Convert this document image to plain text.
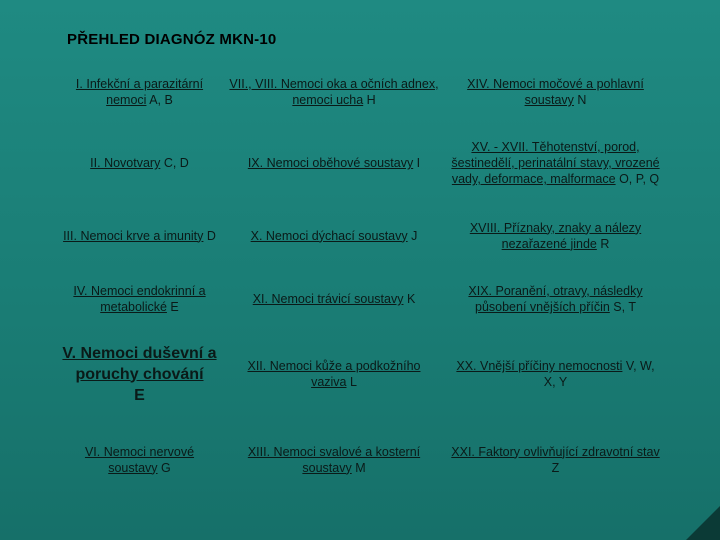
PŘEHLED DIAGNÓZ MKN-10
I. Infekční a parazitární nemoci A, B
VII., VIII. Nemoci oka a očních adnex, nemoci ucha H
XIV. Nemoci močové a pohlavní soustavy N
II. Novotvary C, D	IX. Nemoci oběhové soustavy I
XV. - XVII. Těhotenství, porod, šestinedělí, perinatální stavy, vrozené vady, deformace, malformace O, P, Q
III. Nemoci krve a imunity D	X. Nemoci dýchací soustavy J
XVIII. Příznaky, znaky a nálezy nezařazené jinde R
IV. Nemoci endokrinní a metabolické E
XI. Nemoci trávicí soustavy K
XIX. Poranění, otravy, následky působení vnějších příčin S, T
V. Nemoci duševní a poruchy chování
E
XII. Nemoci kůže a podkožního vaziva L
XX. Vnější příčiny nemocnosti V, W, X, Y
VI. Nemoci nervové soustavy G
XIII. Nemoci svalové a kosterní soustavy M
XXI. Faktory ovlivňující zdravotní stav Z
